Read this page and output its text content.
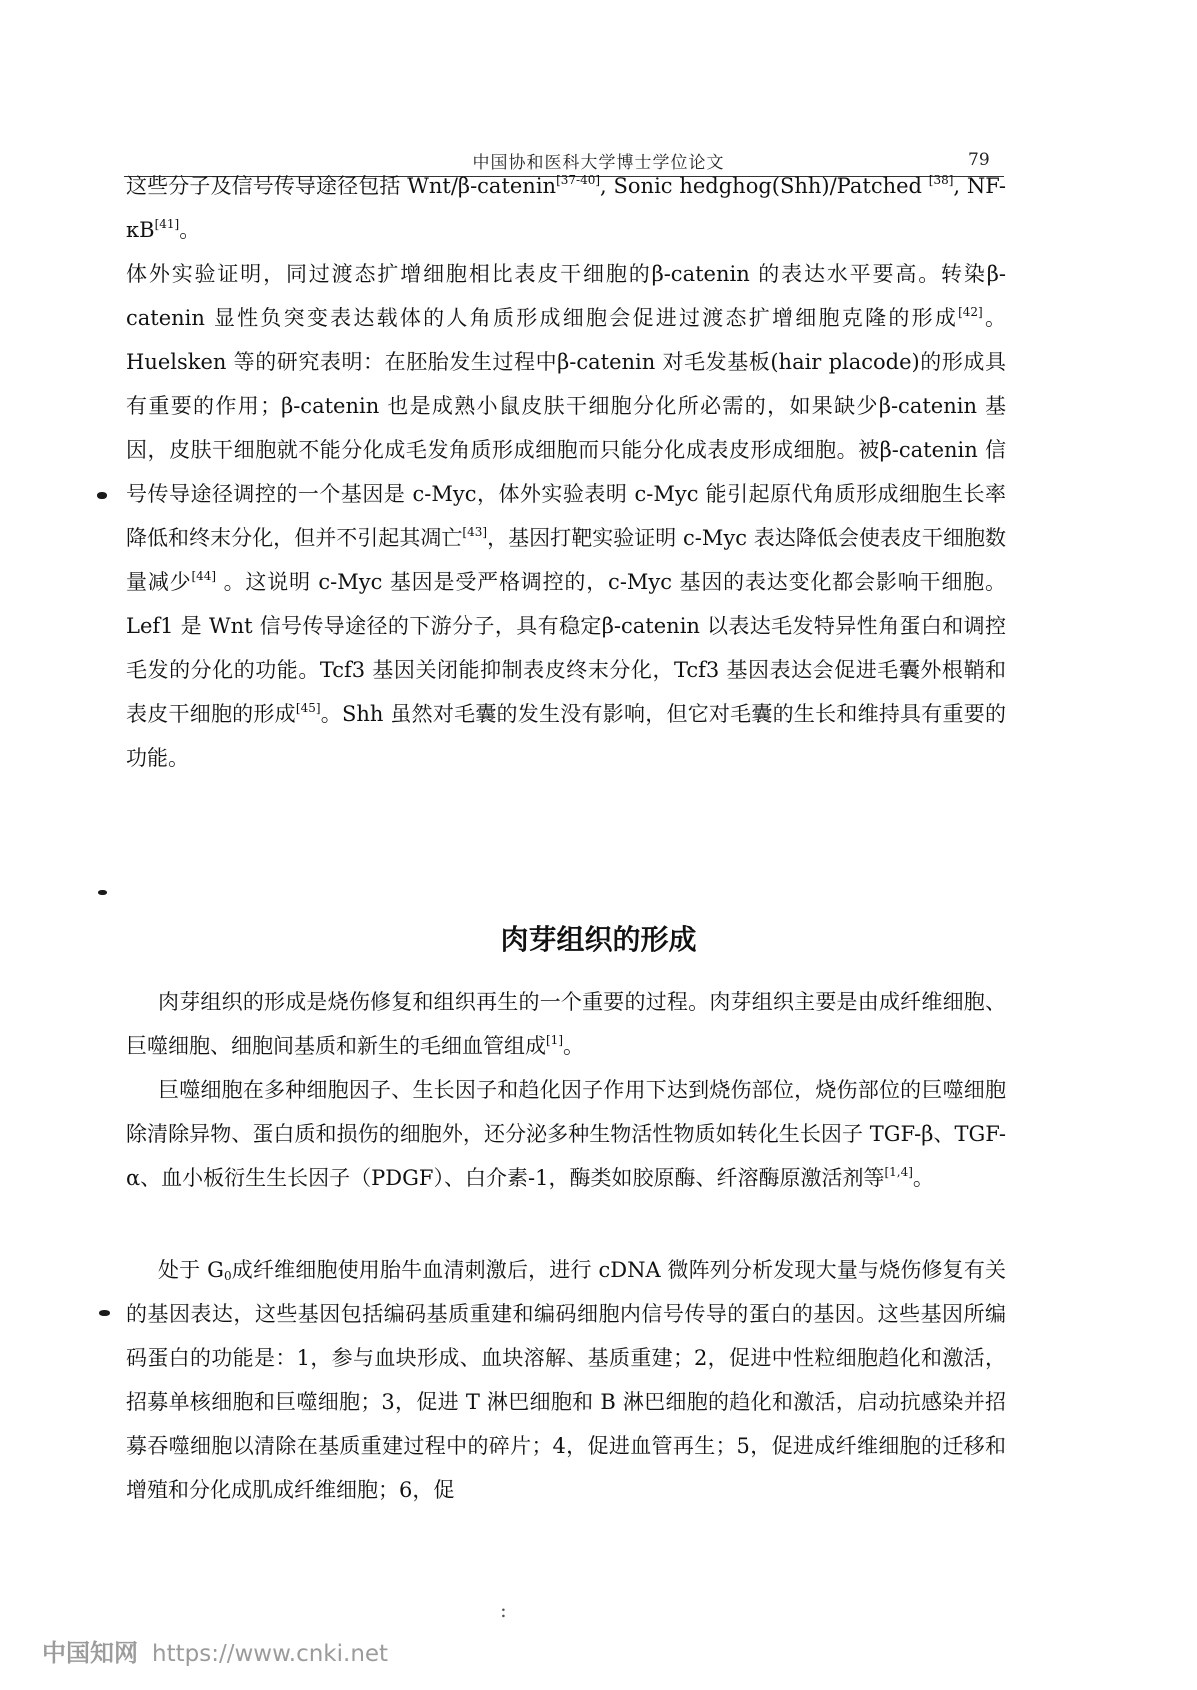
中国协和医科大学博士学位论文	79

这些分子及信号传导途径包括 Wnt/β-catenin[37-40], Sonic hedghog(Shh)/Patched [38], NF-κB[41]。

体外实验证明，同过渡态扩增细胞相比表皮干细胞的β-catenin 的表达水平要高。转染β-catenin 显性负突变表达载体的人角质形成细胞会促进过渡态扩增细胞克隆的形成[42]。Huelsken 等的研究表明：在胚胎发生过程中β-catenin 对毛发基板(hair placode)的形成具有重要的作用；β-catenin 也是成熟小鼠皮肤干细胞分化所必需的，如果缺少β-catenin 基因，皮肤干细胞就不能分化成毛发角质形成细胞而只能分化成表皮形成细胞。被β-catenin 信号传导途径调控的一个基因是 c-Myc，体外实验表明 c-Myc 能引起原代角质形成细胞生长率降低和终末分化，但并不引起其凋亡[43]，基因打靶实验证明 c-Myc 表达降低会使表皮干细胞数量减少[44] 。这说明 c-Myc 基因是受严格调控的，c-Myc 基因的表达变化都会影响干细胞。Lef1 是 Wnt 信号传导途径的下游分子，具有稳定β-catenin 以表达毛发特异性角蛋白和调控毛发的分化的功能。Tcf3 基因关闭能抑制表皮终末分化，Tcf3 基因表达会促进毛囊外根鞘和表皮干细胞的形成[45]。Shh 虽然对毛囊的发生没有影响，但它对毛囊的生长和维持具有重要的功能。

肉芽组织的形成

肉芽组织的形成是烧伤修复和组织再生的一个重要的过程。肉芽组织主要是由成纤维细胞、巨噬细胞、细胞间基质和新生的毛细血管组成[1]。

巨噬细胞在多种细胞因子、生长因子和趋化因子作用下达到烧伤部位，烧伤部位的巨噬细胞除清除异物、蛋白质和损伤的细胞外，还分泌多种生物活性物质如转化生长因子 TGF-β、TGF-α、血小板衍生生长因子（PDGF）、白介素-1，酶类如胶原酶、纤溶酶原激活剂等[1,4]。

处于 $G_0$成纤维细胞使用胎牛血清刺激后，进行 cDNA 微阵列分析发现大量与烧伤修复有关的基因表达，这些基因包括编码基质重建和编码细胞内信号传导的蛋白的基因。这些基因所编码蛋白的功能是：1，参与血块形成、血块溶解、基质重建；2，促进中性粒细胞趋化和激活，招募单核细胞和巨噬细胞；3，促进 T 淋巴细胞和 B 淋巴细胞的趋化和激活，启动抗感染并招募吞噬细胞以清除在基质重建过程中的碎片；4，促进血管再生；5，促进成纤维细胞的迁移和增殖和分化成肌成纤维细胞；6，促

:
中国知网 https://www.cnki.net
